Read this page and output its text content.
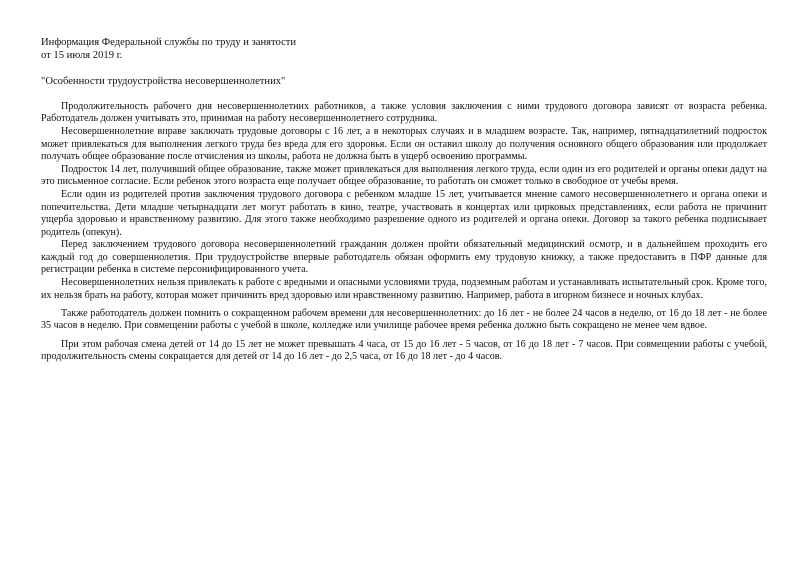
Информация Федеральной службы по труду и занятости
от 15 июля 2019 г.
"Особенности трудоустройства несовершеннолетних"

Продолжительность рабочего дня несовершеннолетних работников, а также условия заключения с ними трудового договора зависят от возраста ребенка. Работодатель должен учитывать это, принимая на работу несовершеннолетнего сотрудника.

Несовершеннолетние вправе заключать трудовые договоры с 16 лет, а в некоторых случаях и в младшем возрасте. Так, например, пятнадцатилетний подросток может привлекаться для выполнения легкого труда без вреда для его здоровья. Если он оставил школу до получения основного общего образования или продолжает получать общее образование после отчисления из школы, работа не должна быть в ущерб освоению программы.

Подросток 14 лет, получивший общее образование, также может привлекаться для выполнения легкого труда, если один из его родителей и органы опеки дадут на это письменное согласие. Если ребенок этого возраста еще получает общее образование, то работать он сможет только в свободное от учебы время.

Если один из родителей против заключения трудового договора с ребенком младше 15 лет, учитывается мнение самого несовершеннолетнего и органа опеки и попечительства. Дети младше четырнадцати лет могут работать в кино, театре, участвовать в концертах или цирковых представлениях, если работа не причинит ущерба здоровью и нравственному развитию. Для этого также необходимо разрешение одного из родителей и органа опеки. Договор за такого ребенка подписывает родитель (опекун).

Перед заключением трудового договора несовершеннолетний гражданин должен пройти обязательный медицинский осмотр, и в дальнейшем проходить его каждый год до совершеннолетия. При трудоустройстве впервые работодатель обязан оформить ему трудовую книжку, а также предоставить в ПФР данные для регистрации ребенка в системе персонифицированного учета.

Несовершеннолетних нельзя привлекать к работе с вредными и опасными условиями труда, подземным работам и устанавливать испытательный срок. Кроме того, их нельзя брать на работу, которая может причинить вред здоровью или нравственному развитию. Например, работа в игорном бизнесе и ночных клубах.

Также работодатель должен помнить о сокращенном рабочем времени для несовершеннолетних: до 16 лет - не более 24 часов в неделю, от 16 до 18 лет - не более 35 часов в неделю. При совмещении работы с учебой в школе, колледже или училище рабочее время ребенка должно быть сокращено не менее чем вдвое.

При этом рабочая смена детей от 14 до 15 лет не может превышать 4 часа, от 15 до 16 лет - 5 часов, от 16 до 18 лет - 7 часов. При совмещении работы с учебой, продолжительность смены сокращается для детей от 14 до 16 лет - до 2,5 часа, от 16 до 18 лет - до 4 часов.
